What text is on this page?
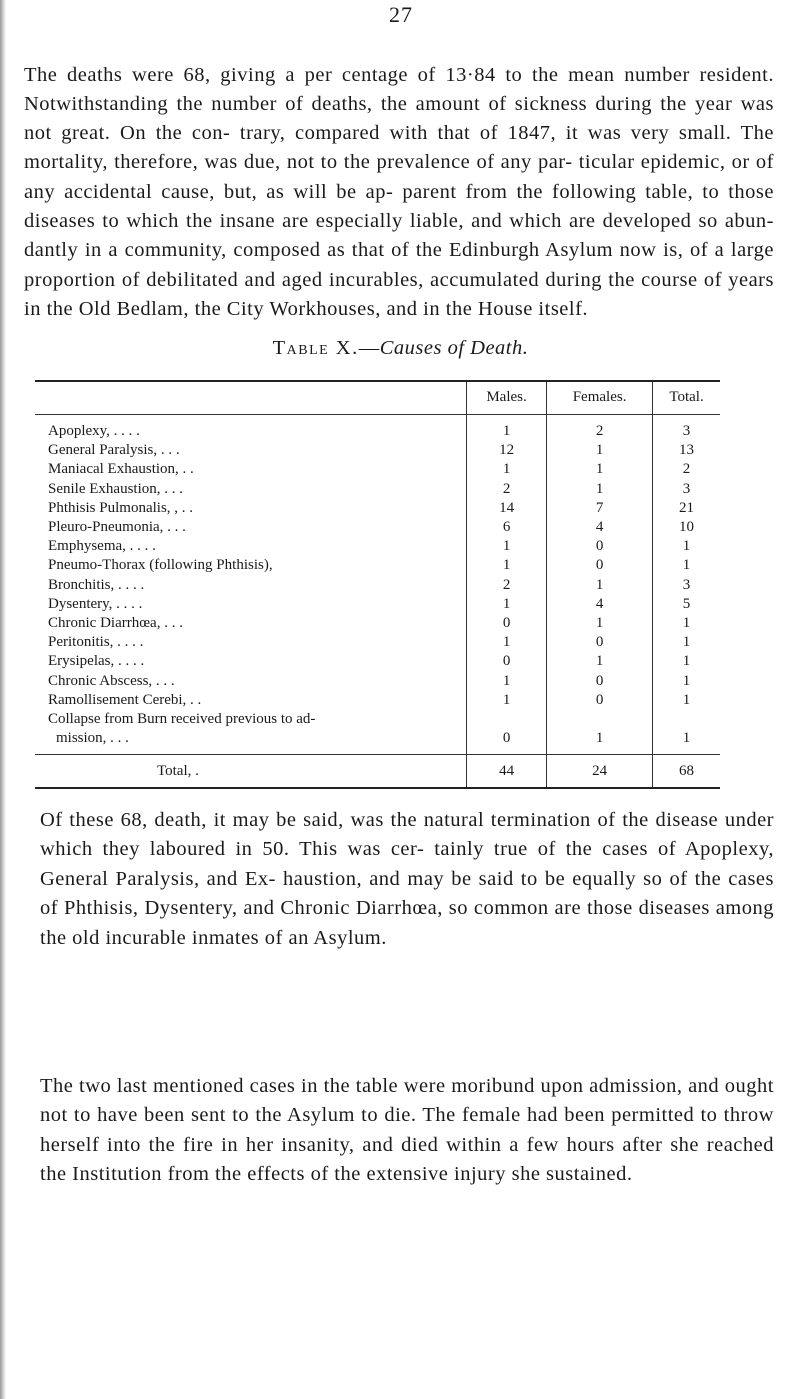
27

The deaths were 68, giving a per centage of 13·84 to the mean number resident. Notwithstanding the number of deaths, the amount of sickness during the year was not great. On the con- trary, compared with that of 1847, it was very small. The mortality, therefore, was due, not to the prevalence of any par- ticular epidemic, or of any accidental cause, but, as will be ap- parent from the following table, to those diseases to which the insane are especially liable, and which are developed so abun- dantly in a community, composed as that of the Edinburgh Asylum now is, of a large proportion of debilitated and aged incurables, accumulated during the course of years in the Old Bedlam, the City Workhouses, and in the House itself.

Table X.—Causes of Death.
	Males.	Females.	Total.
Apoplexy, . . . .	1	2	3
General Paralysis, . . .	12	1	13
Maniacal Exhaustion, . .	1	1	2
Senile Exhaustion, . . .	2	1	3
Phthisis Pulmonalis, , . .	14	7	21
Pleuro-Pneumonia, . . .	6	4	10
Emphysema, . . . .	1	0	1
Pneumo-Thorax (following Phthisis),	1	0	1
Bronchitis, . . . .	2	1	3
Dysentery, . . . .	1	4	5
Chronic Diarrhœa, . . .	0	1	1
Peritonitis, . . . .	1	0	1
Erysipelas, . . . .	0	1	1
Chronic Abscess, . . .	1	0	1
Ramollisement Cerebi, . .	1	0	1

Collapse from Burn received previous to ad-
mission, . . .	0	1	1
Total, .	44	24	68

Of these 68, death, it may be said, was the natural termination of the disease under which they laboured in 50. This was cer- tainly true of the cases of Apoplexy, General Paralysis, and Ex- haustion, and may be said to be equally so of the cases of Phthisis, Dysentery, and Chronic Diarrhœa, so common are those diseases among the old incurable inmates of an Asylum.

The two last mentioned cases in the table were moribund upon admission, and ought not to have been sent to the Asylum to die. The female had been permitted to throw herself into the fire in her insanity, and died within a few hours after she reached the Institution from the effects of the extensive injury she sustained.
